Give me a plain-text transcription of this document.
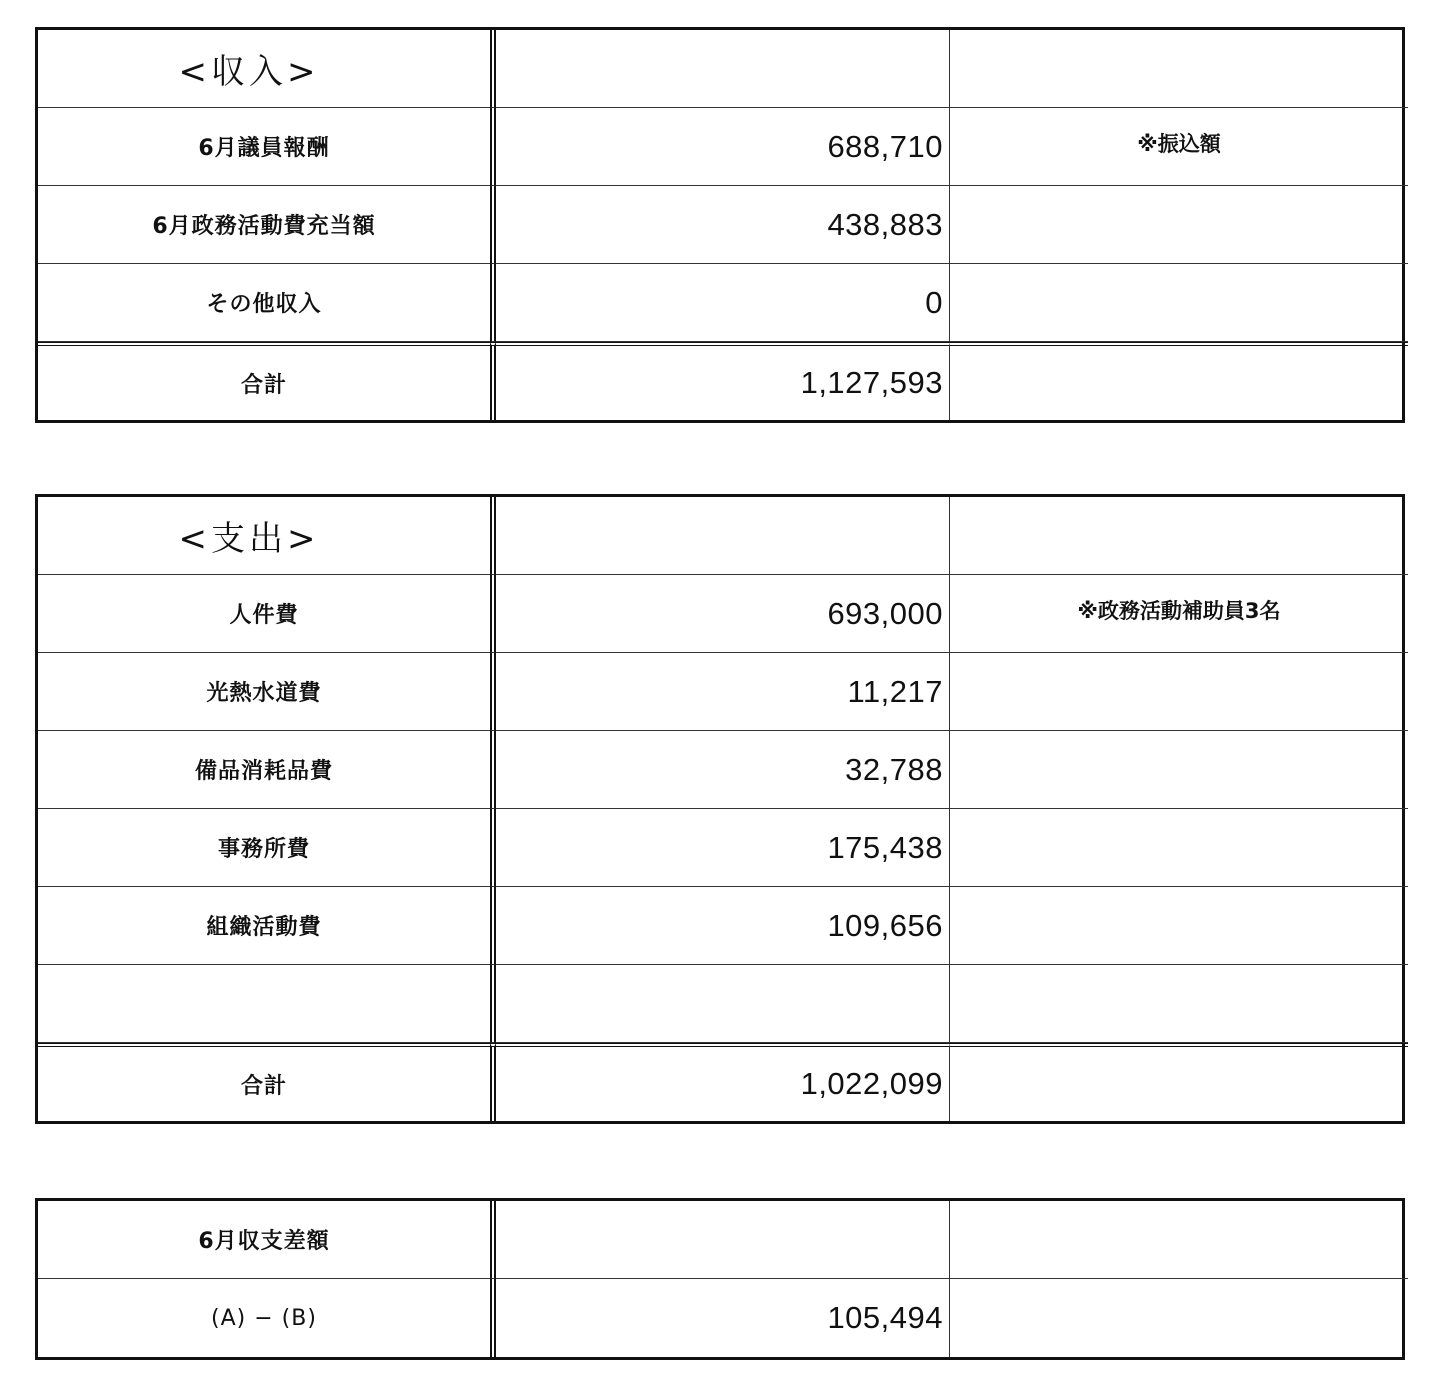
<収入>
6月議員報酬	688,710	※振込額
6月政務活動費充当額	438,883
その他収入	0
合計	1,127,593
<支出>
人件費	693,000	※政務活動補助員3名
光熱水道費	11,217
備品消耗品費	32,788
事務所費	175,438
組織活動費	109,656
合計	1,022,099
6月収支差額
(A) − (B)	105,494
